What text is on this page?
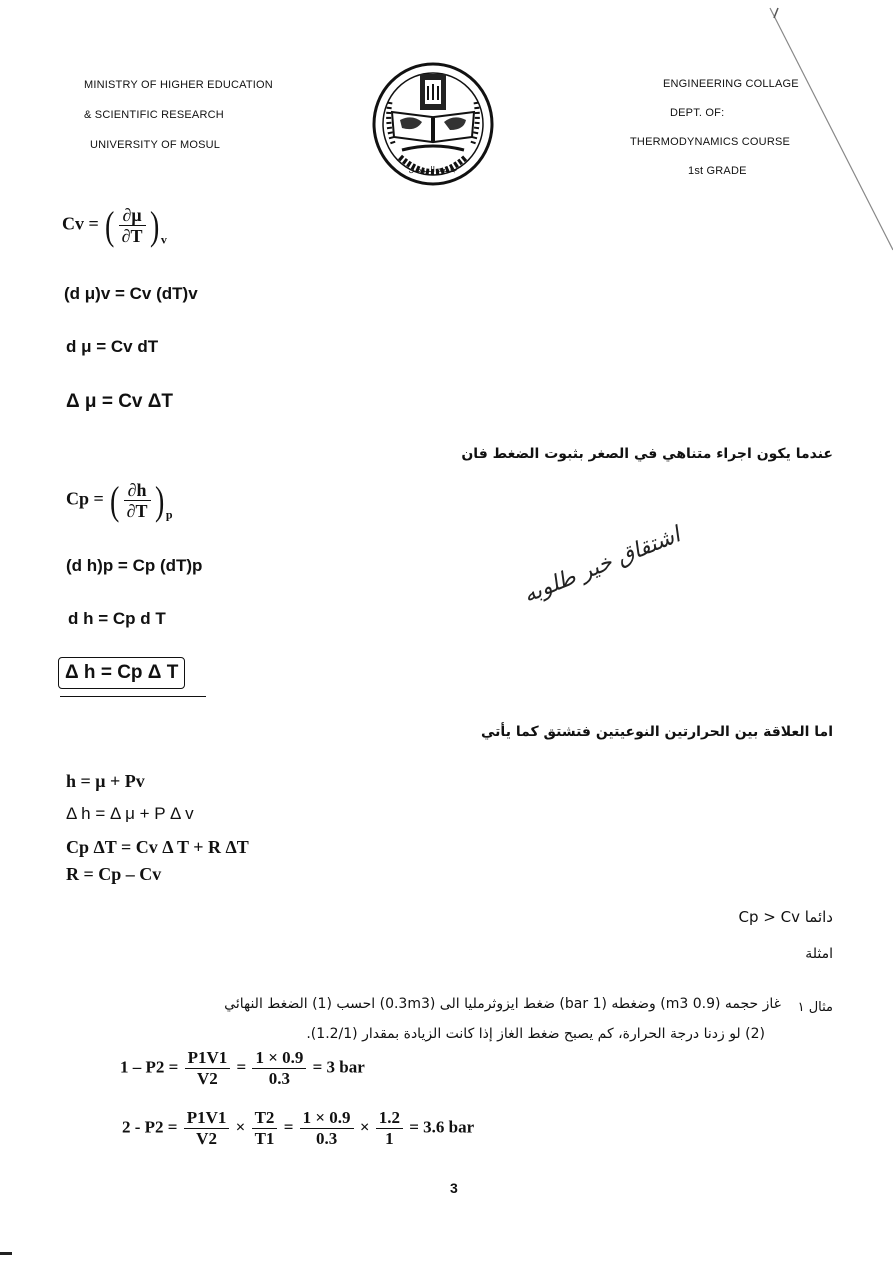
MINISTRY OF HIGHER EDUCATION
& SCIENTIFIC RESEARCH
UNIVERSITY OF MOSUL
ENGINEERING COLLAGE
DEPT. OF:
THERMODYNAMICS COURSE
1st GRADE
جامعة الموصل
Cv = ( $\frac{\partial\mu}{\partial T}$ ) $_v$
(d μ)v = Cv (dT)v
d μ = Cv dT
Δ μ = Cv ΔT
عندما يكون اجراء متناهي في الصغر بثبوت الضغط فان
Cp = ( $\frac{\partial h}{\partial T}$ ) $_p$
(d h)p = Cp (dT)p
d h = Cp d T
Δ h = Cp Δ T
اشتقاق خير طلوبه
اما العلاقة بين الحرارتين النوعيتين فتشتق كما يأتي
h = μ + Pv
Δ h = Δ μ + P Δ v
Cp ΔT = Cv Δ T + R ΔT
R = Cp – Cv
دائما Cp > Cv
امثلة
مثال ١
غاز حجمه (0.9 m3) وضغطه (1 bar) ضغط ايزوثرمليا الى (0.3m3) احسب (1) الضغط النهائي
(2) لو زدنا درجة الحرارة، كم يصبح ضغط الغاز إذا كانت الزيادة بمقدار (1.2/1).
$1 - P2 = \frac{P1V1}{V2} = \frac{1 \times 0.9}{0.3} = 3$ bar
$2 - P2 = \frac{P1V1}{V2} \times \frac{T2}{T1} = \frac{1 \times 0.9}{0.3} \times \frac{1.2}{1} = 3.6$ bar
3
